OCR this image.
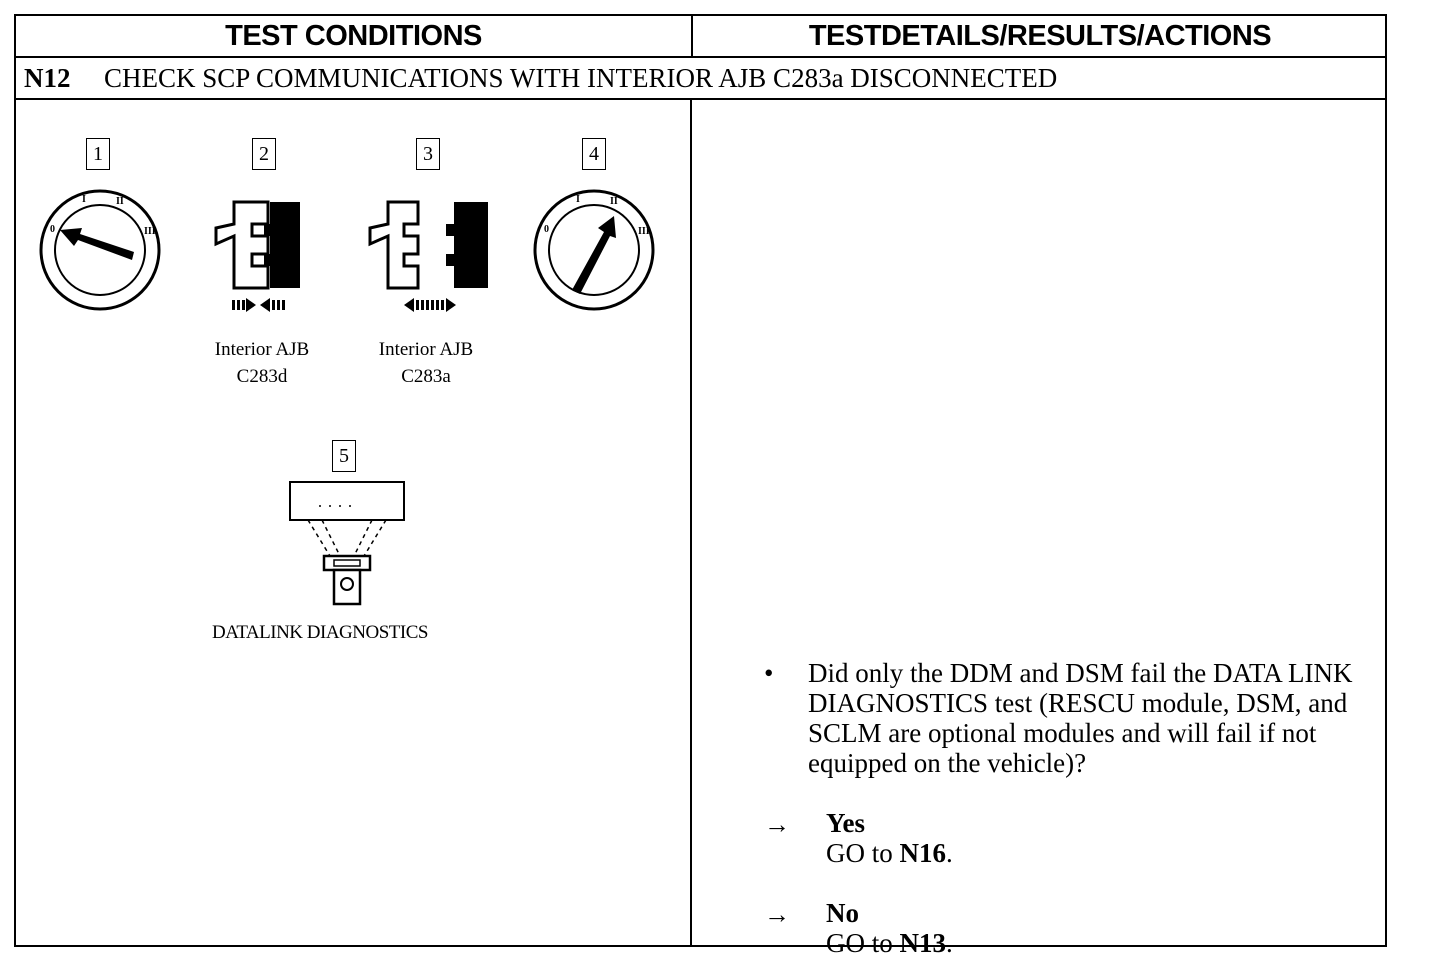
TEST CONDITIONS	TESTDETAILS/RESULTS/ACTIONS
N12	CHECK SCP COMMUNICATIONS WITH INTERIOR AJB C283a DISCONNECTED
1
0
I	II
III
2
Interior AJB
C283d
3
Interior AJB
C283a
4
0
I	II
III
5
DATALINK DIAGNOSTICS
• Did only the DDM and DSM fail the DATA LINK DIAGNOSTICS test (RESCU module, DSM, and SCLM are optional modules and will fail if not equipped on the vehicle)?
→ Yes
GO to N16.
→ No
GO to N13.
